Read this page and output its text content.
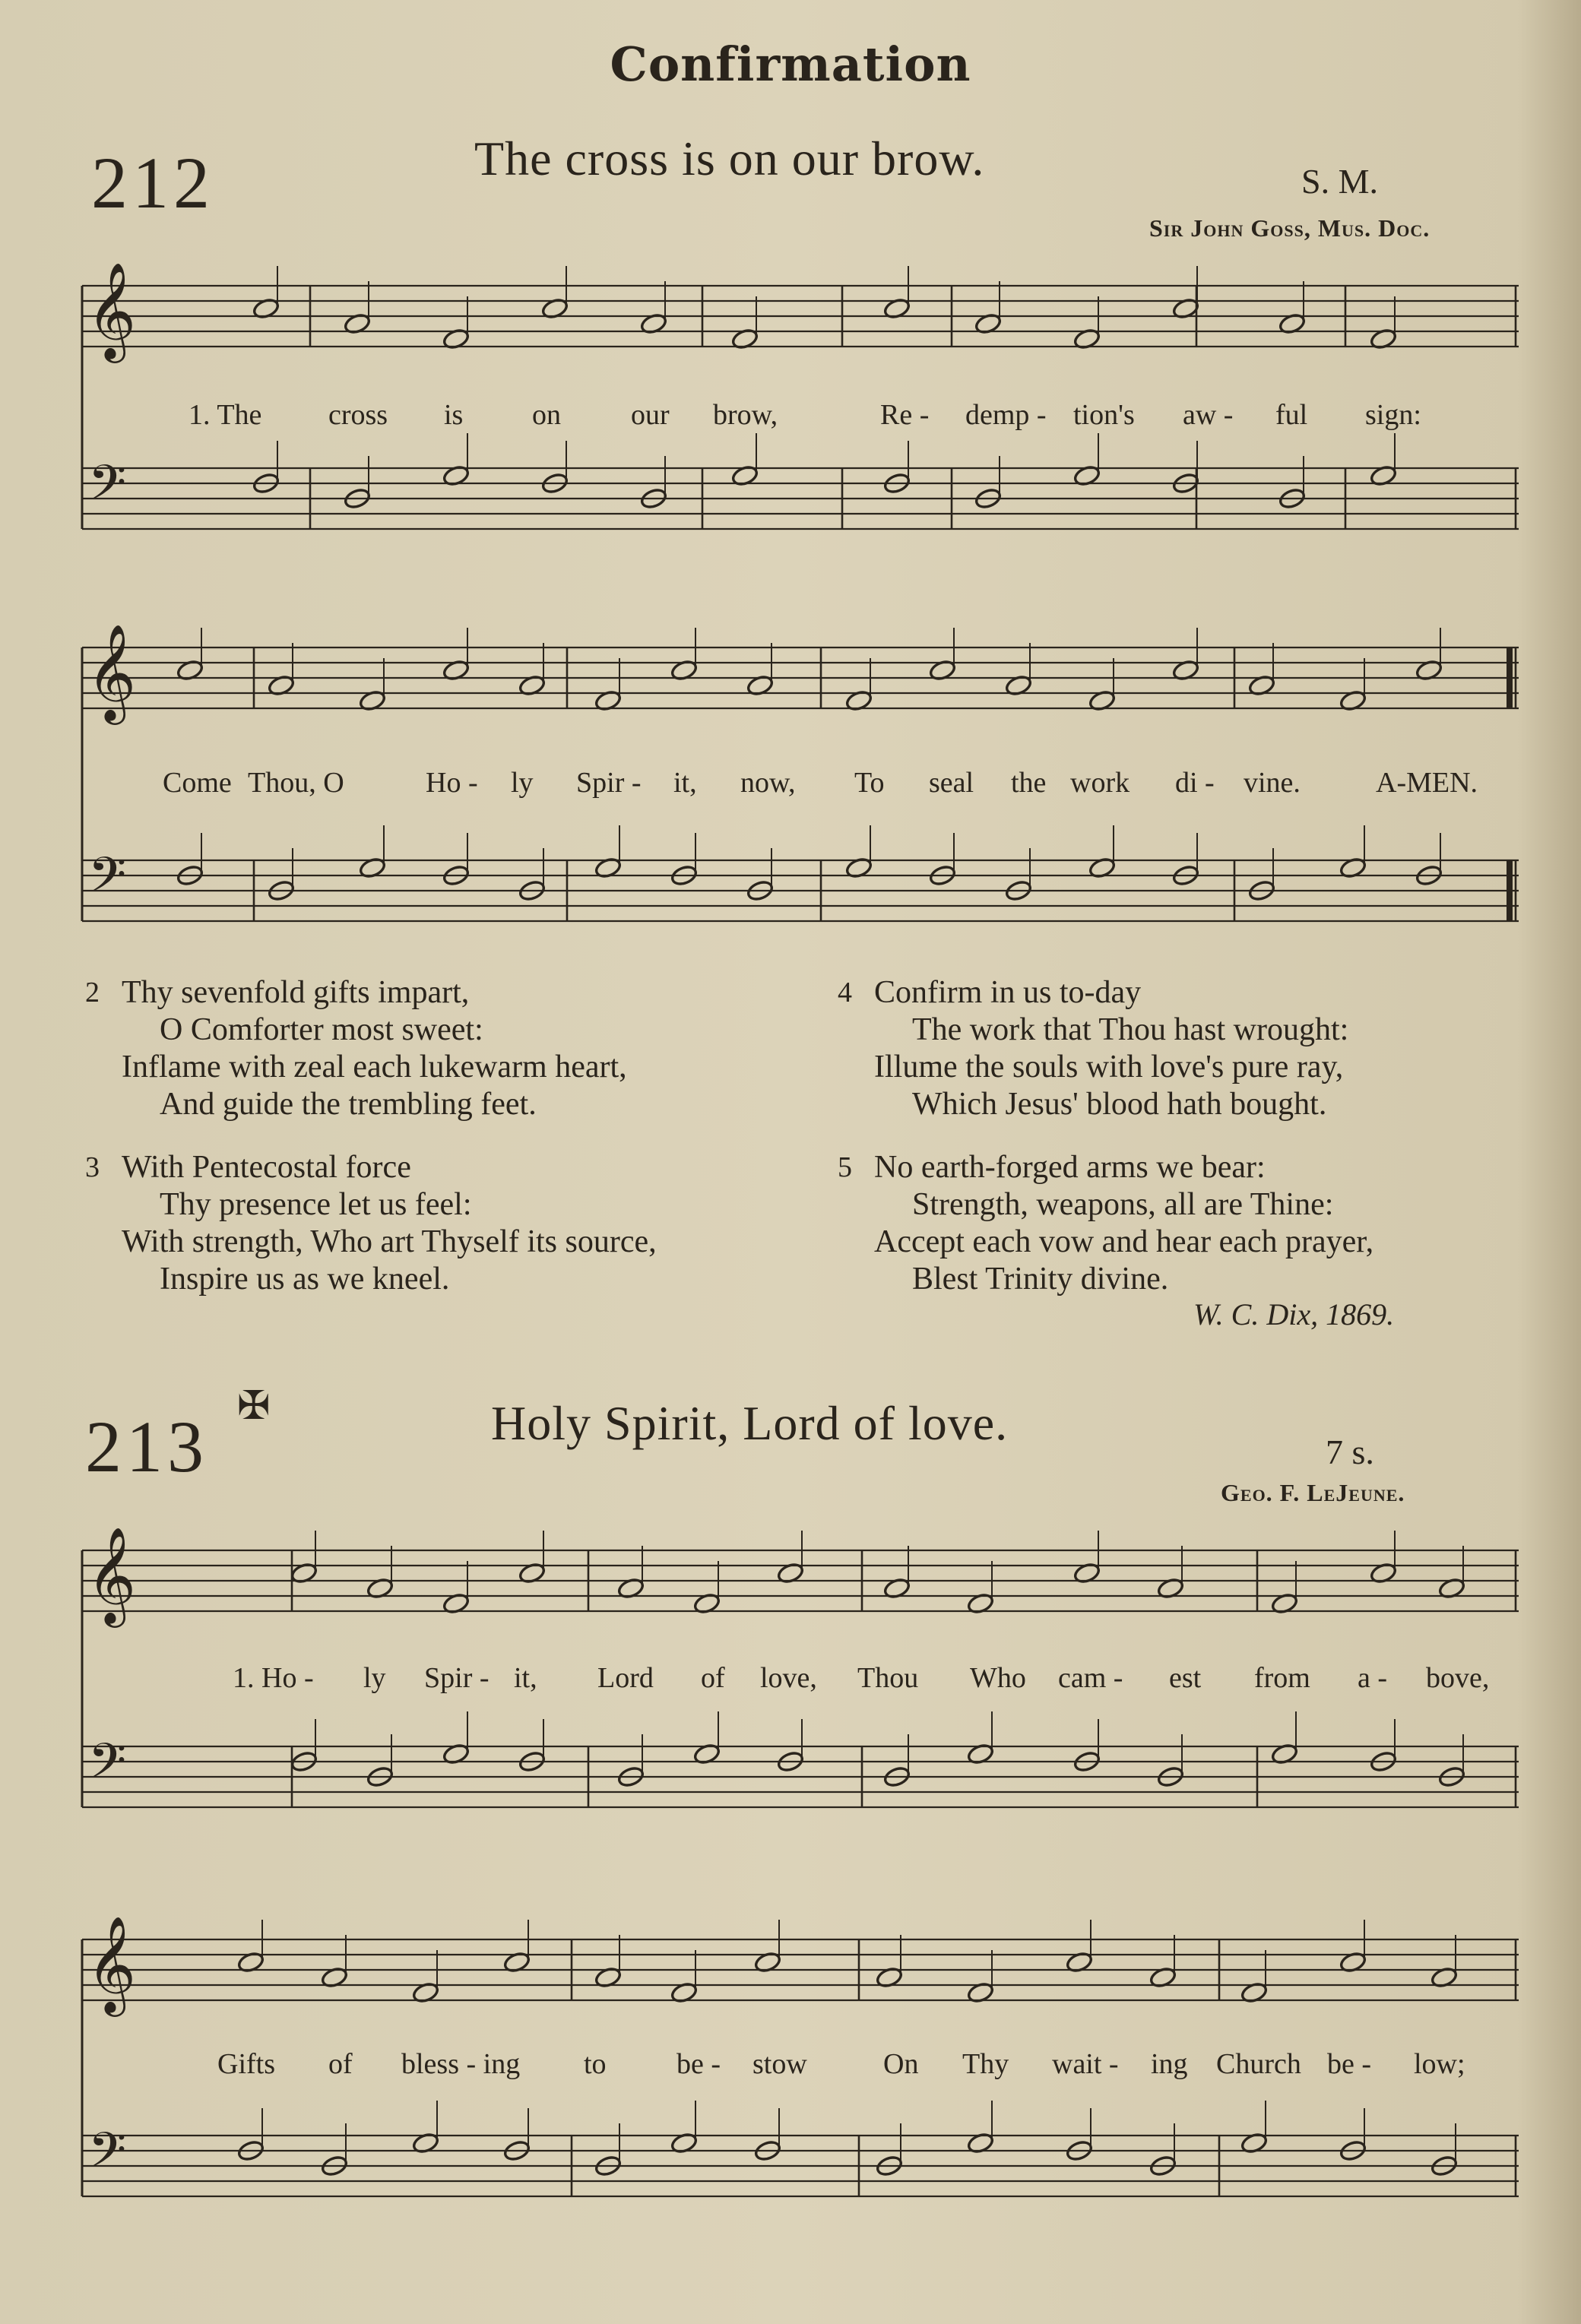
Confirmation
212	The cross is on our brow.	S. M.
Sir John Goss, Mus. Doc.
𝄞
𝄢
𝄞
𝄢
𝄞
𝄢
𝄞
𝄢
1. The cross is on our brow,	Re - demp - tion's aw - ful sign:
Come Thou, O	Ho - ly Spir - it, now, To seal the work di - vine.	A-MEN.
2 Thy sevenfold gifts impart,
O Comforter most sweet:
Inflame with zeal each lukewarm heart,
And guide the trembling feet.
3 With Pentecostal force
Thy presence let us feel:
With strength, Who art Thyself its source,
Inspire us as we kneel.
4 Confirm in us to-day
The work that Thou hast wrought:
Illume the souls with love's pure ray,
Which Jesus' blood hath bought.
5 No earth-forged arms we bear:
Strength, weapons, all are Thine:
Accept each vow and hear each prayer,
Blest Trinity divine.
W. C. Dix, 1869.
213 ✠	Holy Spirit, Lord of love.
7 s.
Geo. F. LeJeune.
1. Ho - ly Spir - it, Lord of love, Thou Who cam - est from a - bove,
Gifts of bless - ing to be - stow	On Thy wait - ing Church be - low;
